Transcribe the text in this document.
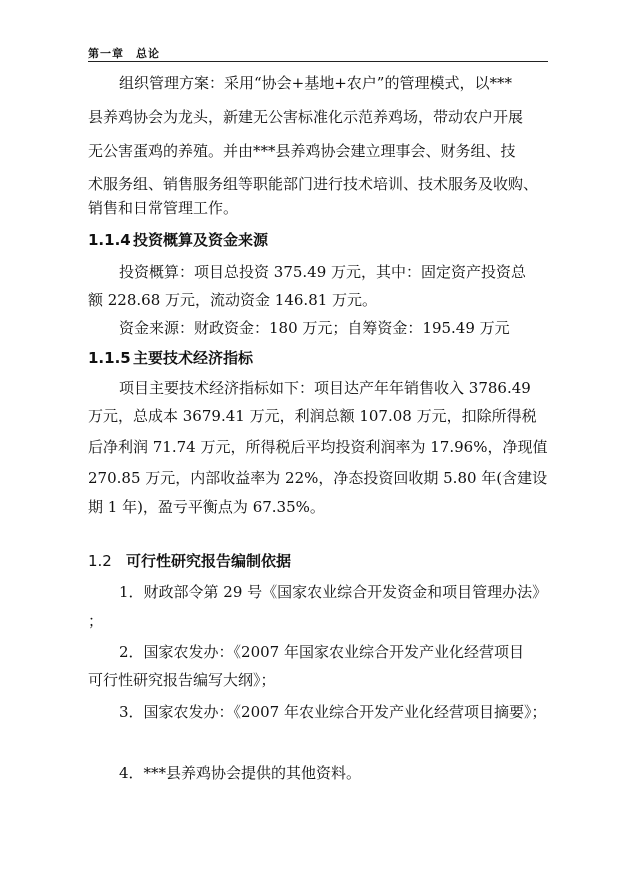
第一章　总论
组织管理方案：采用“协会+基地+农户”的管理模式，以***
县养鸡协会为龙头，新建无公害标准化示范养鸡场，带动农户开展
无公害蛋鸡的养殖。并由***县养鸡协会建立理事会、财务组、技
术服务组、销售服务组等职能部门进行技术培训、技术服务及收购、
销售和日常管理工作。
1.1.4 投资概算及资金来源
投资概算：项目总投资 375.49 万元，其中：固定资产投资总
额 228.68 万元，流动资金 146.81 万元。
资金来源：财政资金：180 万元；自筹资金：195.49 万元
1.1.5 主要技术经济指标
项目主要技术经济指标如下：项目达产年年销售收入 3786.49
万元，总成本 3679.41 万元，利润总额 107.08 万元，扣除所得税
后净利润 71.74 万元，所得税后平均投资利润率为 17.96%，净现值
270.85 万元，内部收益率为 22%，净态投资回收期 5.80 年(含建设
期 1 年)，盈亏平衡点为 67.35%。
1.2 可行性研究报告编制依据
1．财政部令第 29 号《国家农业综合开发资金和项目管理办法》
；
2．国家农发办：《2007 年国家农业综合开发产业化经营项目
可行性研究报告编写大纲》；
3．国家农发办：《2007 年农业综合开发产业化经营项目摘要》；
4．***县养鸡协会提供的其他资料。
